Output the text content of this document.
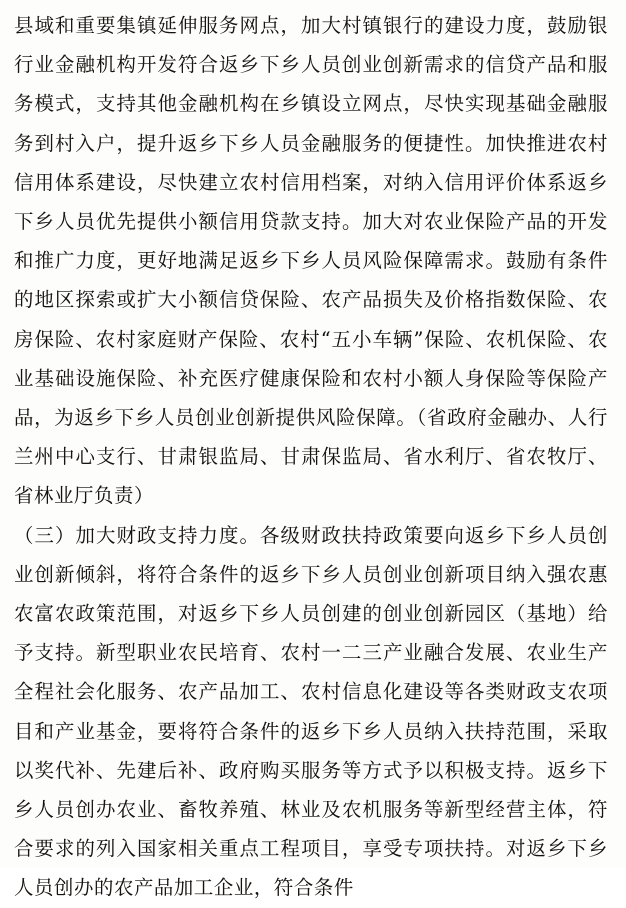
县域和重要集镇延伸服务网点，加大村镇银行的建设力度，鼓励银行业金融机构开发符合返乡下乡人员创业创新需求的信贷产品和服务模式，支持其他金融机构在乡镇设立网点，尽快实现基础金融服务到村入户，提升返乡下乡人员金融服务的便捷性。加快推进农村信用体系建设，尽快建立农村信用档案，对纳入信用评价体系返乡下乡人员优先提供小额信用贷款支持。加大对农业保险产品的开发和推广力度，更好地满足返乡下乡人员风险保障需求。鼓励有条件的地区探索或扩大小额信贷保险、农产品损失及价格指数保险、农房保险、农村家庭财产保险、农村“五小车辆”保险、农机保险、农业基础设施保险、补充医疗健康保险和农村小额人身保险等保险产品，为返乡下乡人员创业创新提供风险保障。（省政府金融办、人行兰州中心支行、甘肃银监局、甘肃保监局、省水利厅、省农牧厅、省林业厅负责）

（三）加大财政支持力度。各级财政扶持政策要向返乡下乡人员创业创新倾斜，将符合条件的返乡下乡人员创业创新项目纳入强农惠农富农政策范围，对返乡下乡人员创建的创业创新园区（基地）给予支持。新型职业农民培育、农村一二三产业融合发展、农业生产全程社会化服务、农产品加工、农村信息化建设等各类财政支农项目和产业基金，要将符合条件的返乡下乡人员纳入扶持范围，采取以奖代补、先建后补、政府购买服务等方式予以积极支持。返乡下乡人员创办农业、畜牧养殖、林业及农机服务等新型经营主体，符合要求的列入国家相关重点工程项目，享受专项扶持。对返乡下乡人员创办的农产品加工企业，符合条件
